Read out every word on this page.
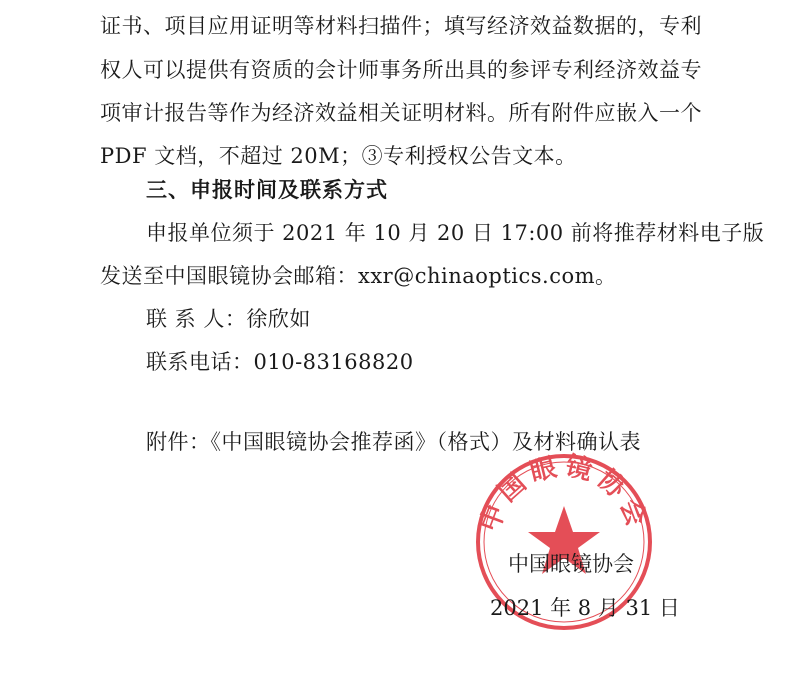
证书、项目应用证明等材料扫描件；填写经济效益数据的，专利
权人可以提供有资质的会计师事务所出具的参评专利经济效益专
项审计报告等作为经济效益相关证明材料。所有附件应嵌入一个
PDF 文档，不超过 20M；③专利授权公告文本。
三、申报时间及联系方式
申报单位须于 2021 年 10 月 20 日 17:00 前将推荐材料电子版
发送至中国眼镜协会邮箱：xxr@chinaoptics.com。
联 系 人：徐欣如
联系电话：010-83168820
附件：《中国眼镜协会推荐函》（格式）及材料确认表
中国眼镜协会
中国眼镜协会
2021 年 8 月 31 日
